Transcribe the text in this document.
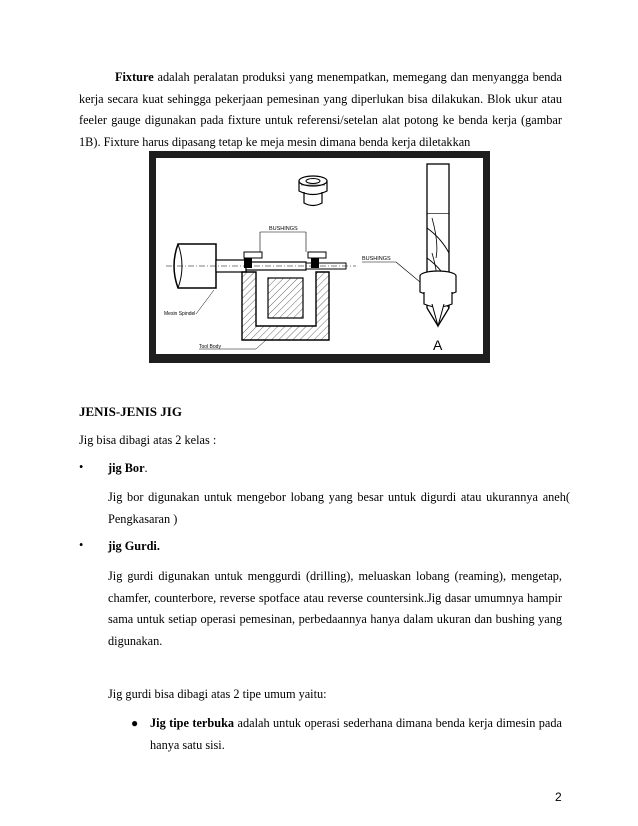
Fixture adalah peralatan produksi yang menempatkan, memegang dan menyangga benda kerja secara kuat sehingga pekerjaan pemesinan yang diperlukan bisa dilakukan. Blok ukur atau feeler gauge digunakan pada fixture untuk referensi/setelan alat potong ke benda kerja (gambar 1B). Fixture harus dipasang tetap ke meja mesin dimana benda kerja diletakkan
BUSHINGS
Mesin Spindel
Tool Body
BUSHINGS
A
JENIS-JENIS JIG
Jig bisa dibagi atas 2 kelas :
• jig Bor.
Jig bor digunakan untuk mengebor lobang yang besar untuk digurdi atau ukurannya aneh( Pengkasaran )
• jig Gurdi.
Jig gurdi digunakan untuk menggurdi (drilling), meluaskan lobang (reaming), mengetap, chamfer, counterbore, reverse spotface atau reverse countersink.Jig dasar umumnya hampir sama untuk setiap operasi pemesinan, perbedaannya hanya dalam ukuran dan bushing yang digunakan.
Jig gurdi bisa dibagi atas 2 tipe umum yaitu:
● Jig tipe terbuka adalah untuk operasi sederhana dimana benda kerja dimesin pada hanya satu sisi.
2
